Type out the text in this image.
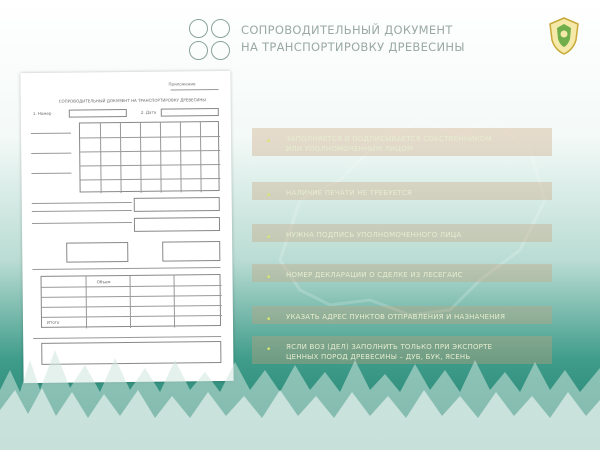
СОПРОВОДИТЕЛЬНЫЙ ДОКУМЕНТ
НА ТРАНСПОРТИРОВКУ ДРЕВЕСИНЫ
Приложение
СОПРОВОДИТЕЛЬНЫЙ ДОКУМЕНТ НА ТРАНСПОРТИРОВКУ ДРЕВЕСИНЫ
1. Номер	2. Дата
Объем
Итого
• ЗАПОЛНЯЕТСЯ И ПОДПИСЫВАЕТСЯ СОБСТВЕННИКОМ
ИЛИ УПОЛНОМОЧЕННЫМ ЛИЦОМ
• НАЛИЧИЕ ПЕЧАТИ НЕ ТРЕБУЕТСЯ
• НУЖНА ПОДПИСЬ УПОЛНОМОЧЕННОГО ЛИЦА
• НОМЕР ДЕКЛАРАЦИИ О СДЕЛКЕ ИЗ ЛЕСЕГАИС
• УКАЗАТЬ АДРЕС ПУНКТОВ ОТПРАВЛЕНИЯ И НАЗНАЧЕНИЯ
• ЯСЛИ ВОЗ (ДЕЛ) ЗАПОЛНИТЬ ТОЛЬКО ПРИ ЭКСПОРТЕ
ЦЕННЫХ ПОРОД ДРЕВЕСИНЫ – ДУБ, БУК, ЯСЕНЬ
